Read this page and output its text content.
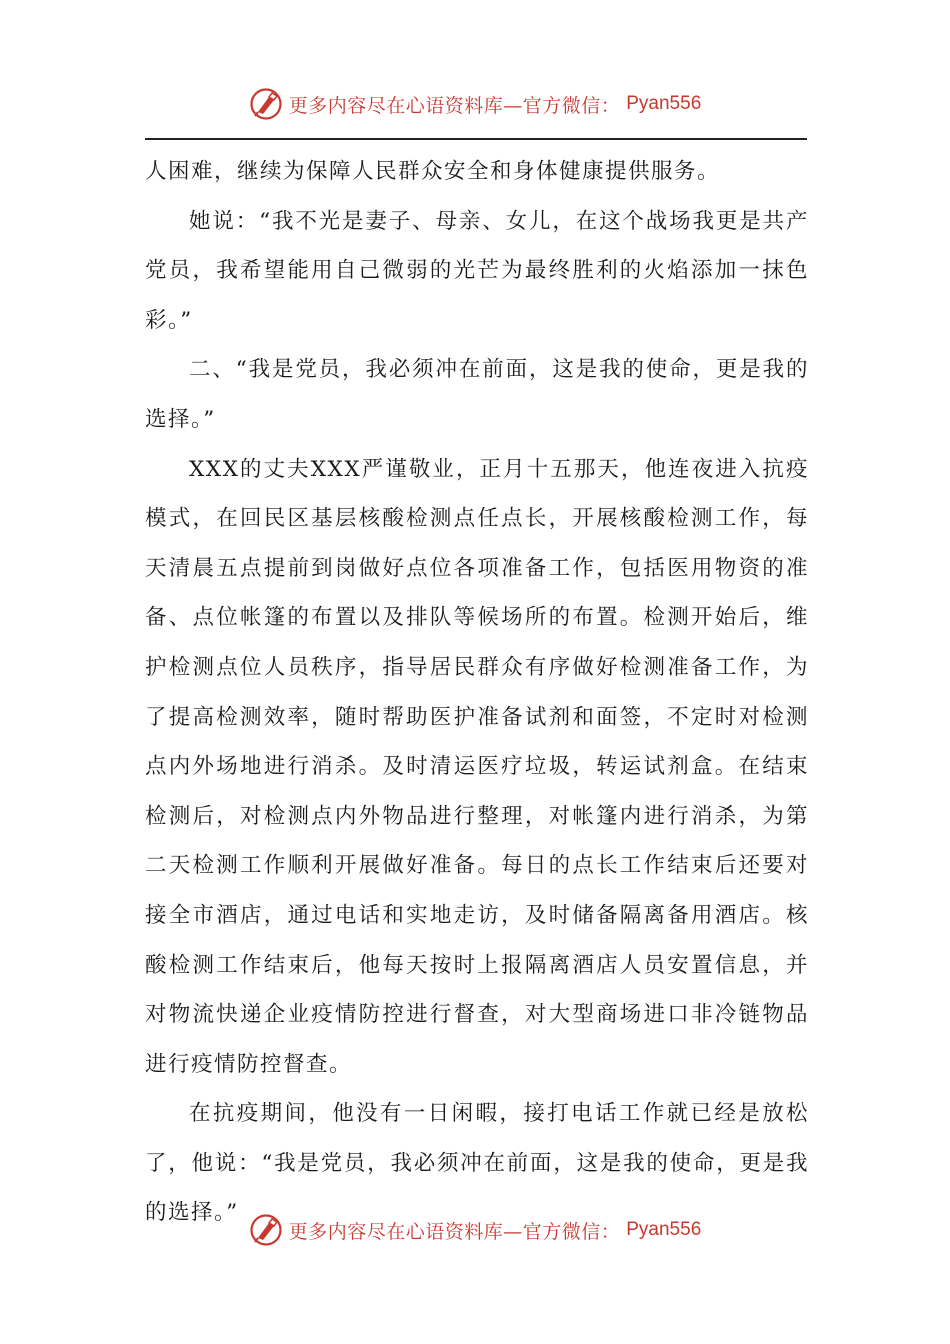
更多内容尽在心语资料库—官方微信： Pyan556

人困难，继续为保障人民群众安全和身体健康提供服务。

她说：“我不光是妻子、母亲、女儿，在这个战场我更是共产党员，我希望能用自己微弱的光芒为最终胜利的火焰添加一抹色彩。”

二、“我是党员，我必须冲在前面，这是我的使命，更是我的选择。”

XXX的丈夫XXX严谨敬业，正月十五那天，他连夜进入抗疫模式，在回民区基层核酸检测点任点长，开展核酸检测工作，每天清晨五点提前到岗做好点位各项准备工作，包括医用物资的准备、点位帐篷的布置以及排队等候场所的布置。检测开始后，维护检测点位人员秩序，指导居民群众有序做好检测准备工作，为了提高检测效率，随时帮助医护准备试剂和面签，不定时对检测点内外场地进行消杀。及时清运医疗垃圾，转运试剂盒。在结束检测后，对检测点内外物品进行整理，对帐篷内进行消杀，为第二天检测工作顺利开展做好准备。每日的点长工作结束后还要对接全市酒店，通过电话和实地走访，及时储备隔离备用酒店。核酸检测工作结束后，他每天按时上报隔离酒店人员安置信息，并对物流快递企业疫情防控进行督查，对大型商场进口非冷链物品进行疫情防控督查。

在抗疫期间，他没有一日闲暇，接打电话工作就已经是放松了，他说：“我是党员，我必须冲在前面，这是我的使命，更是我的选择。”

更多内容尽在心语资料库—官方微信： Pyan556
